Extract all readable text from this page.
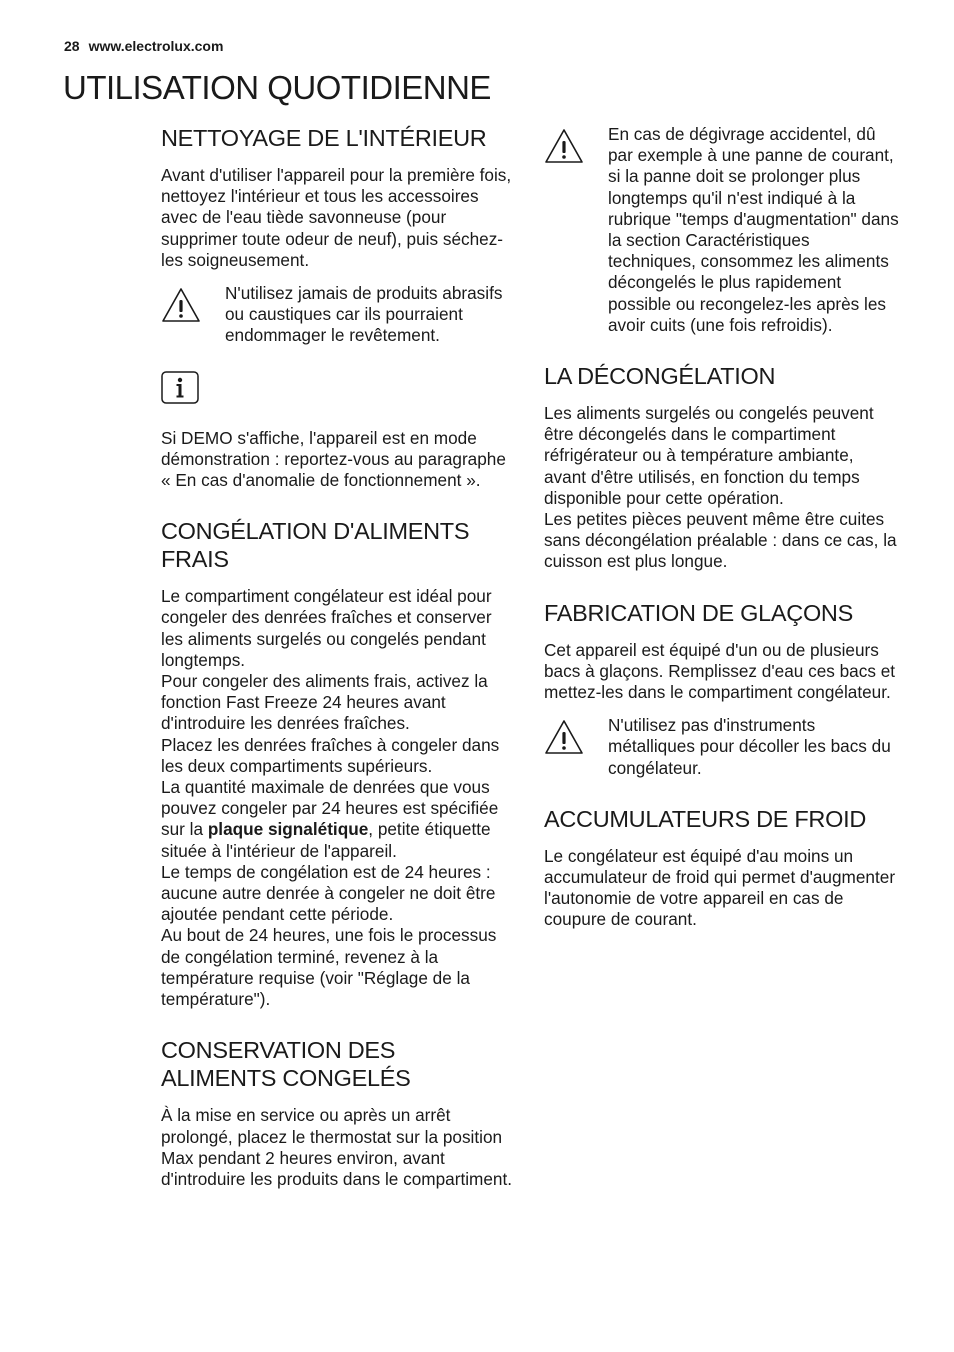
28 www.electrolux.com
UTILISATION QUOTIDIENNE
NETTOYAGE DE L'INTÉRIEUR

Avant d'utiliser l'appareil pour la première fois, nettoyez l'intérieur et tous les accessoires avec de l'eau tiède savonneuse (pour supprimer toute odeur de neuf), puis séchez-les soigneusement.

N'utilisez jamais de produits abrasifs ou caustiques car ils pourraient endommager le revêtement.

Si DEMO s'affiche, l'appareil est en mode démonstration : reportez-vous au paragraphe « En cas d'anomalie de fonctionnement ».

CONGÉLATION D'ALIMENTS FRAIS

Le compartiment congélateur est idéal pour congeler des denrées fraîches et conserver les aliments surgelés ou congelés pendant longtemps.

Pour congeler des aliments frais, activez la fonction Fast Freeze 24 heures avant d'introduire les denrées fraîches.

Placez les denrées fraîches à congeler dans les deux compartiments supérieurs.

La quantité maximale de denrées que vous pouvez congeler par 24 heures est spécifiée sur la plaque signalétique, petite étiquette située à l'intérieur de l'appareil.

Le temps de congélation est de 24 heures : aucune autre denrée à congeler ne doit être ajoutée pendant cette période.

Au bout de 24 heures, une fois le processus de congélation terminé, revenez à la température requise (voir "Réglage de la température").

CONSERVATION DES ALIMENTS CONGELÉS

À la mise en service ou après un arrêt prolongé, placez le thermostat sur la position Max pendant 2 heures environ, avant d'introduire les produits dans le compartiment.

En cas de dégivrage accidentel, dû par exemple à une panne de courant, si la panne doit se prolonger plus longtemps qu'il n'est indiqué à la rubrique "temps d'augmentation" dans la section Caractéristiques techniques, consommez les aliments décongelés le plus rapidement possible ou recongelez-les après les avoir cuits (une fois refroidis).

LA DÉCONGÉLATION

Les aliments surgelés ou congelés peuvent être décongelés dans le compartiment réfrigérateur ou à température ambiante, avant d'être utilisés, en fonction du temps disponible pour cette opération.

Les petites pièces peuvent même être cuites sans décongélation préalable : dans ce cas, la cuisson est plus longue.

FABRICATION DE GLAÇONS

Cet appareil est équipé d'un ou de plusieurs bacs à glaçons. Remplissez d'eau ces bacs et mettez-les dans le compartiment congélateur.

N'utilisez pas d'instruments métalliques pour décoller les bacs du congélateur.

ACCUMULATEURS DE FROID

Le congélateur est équipé d'au moins un accumulateur de froid qui permet d'augmenter l'autonomie de votre appareil en cas de coupure de courant.
